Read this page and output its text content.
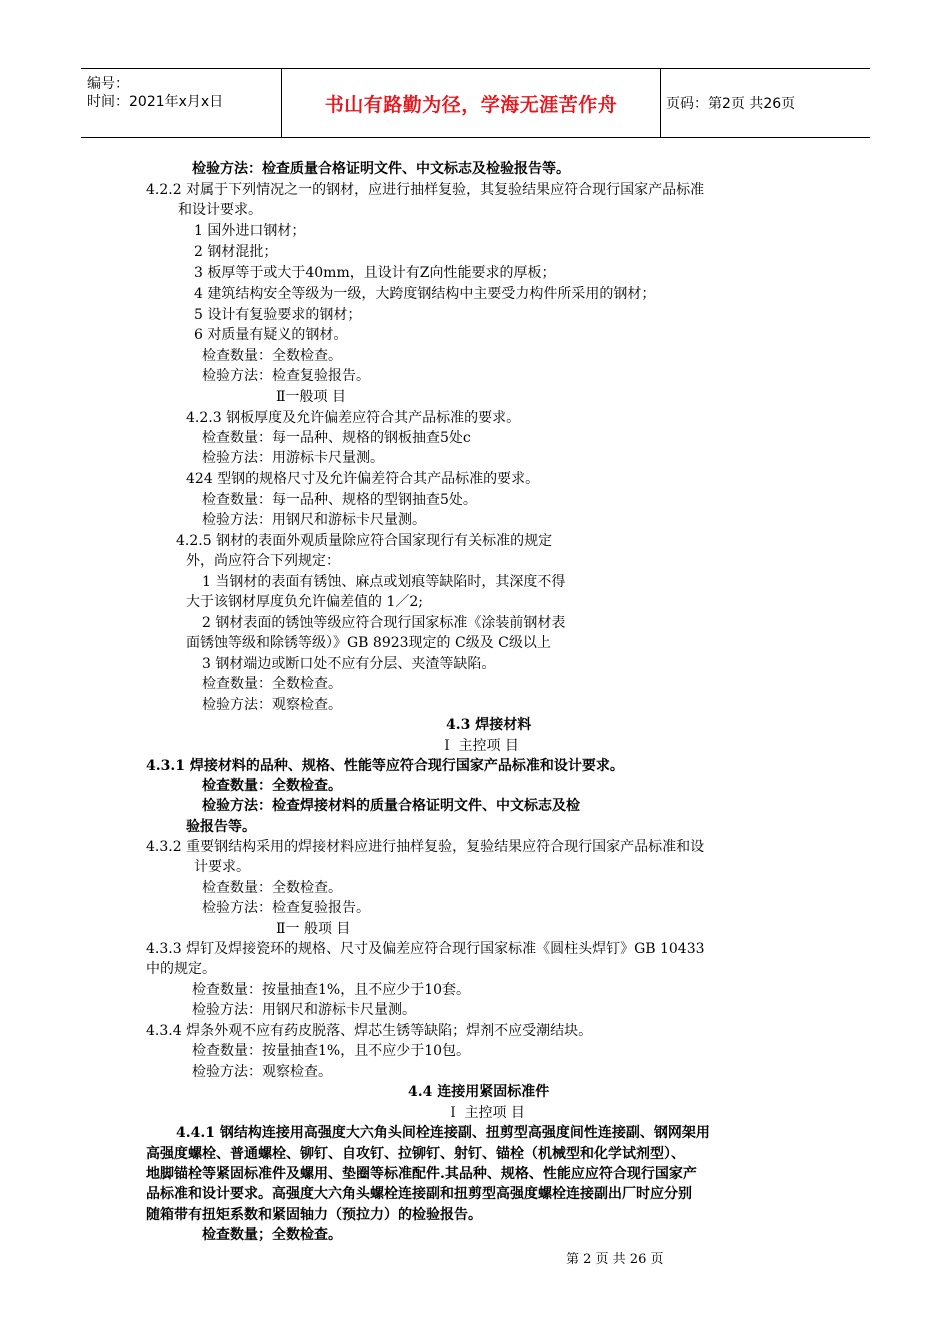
编号：
时间：2021年x月x日	书山有路勤为径，学海无涯苦作舟	页码：第2页 共26页
检验方法：检查质量合格证明文件、中文标志及检验报告等。
4.2.2 对属于下列情况之一的钢材，应进行抽样复验，其复验结果应符合现行国家产品标准
和设计要求。
1 国外进口钢材；
2 钢材混批；
3 板厚等于或大于40mm，且设计有Z向性能要求的厚板；
4 建筑结构安全等级为一级，大跨度钢结构中主要受力构件所采用的钢材；
5 设计有复验要求的钢材；
6 对质量有疑义的钢材。
检查数量：全数检查。
检验方法：检查复验报告。
Ⅱ一般项 目
4.2.3 钢板厚度及允许偏差应符合其产品标准的要求。
检查数量：每一品种、规格的钢板抽查5处c
检验方法：用游标卡尺量测。
424 型钢的规格尺寸及允许偏差符合其产品标准的要求。
检查数量：每一品种、规格的型钢抽查5处。
检验方法：用钢尺和游标卡尺量测。
4.2.5 钢材的表面外观质量除应符合国家现行有关标准的规定
外，尚应符合下列规定：
1 当钢材的表面有锈蚀、麻点或划痕等缺陷时，其深度不得
大于该钢材厚度负允许偏差值的 1／2;
2 钢材表面的锈蚀等级应符合现行国家标准《涂装前钢材表
面锈蚀等级和除锈等级）》GB 8923现定的 C级及 C级以上
3 钢材端边或断口处不应有分层、夹渣等缺陷。
检查数量：全数检查。
检验方法：观察检查。
4.3 焊接材料
Ｉ 主控项 目
4.3.1 焊接材料的品种、规格、性能等应符合现行国家产品标准和设计要求。
检查数量：全数检查。
检验方法：检查焊接材料的质量合格证明文件、中文标志及检
验报告等。
4.3.2 重要钢结构采用的焊接材料应进行抽样复验，复验结果应符合现行国家产品标准和设
计要求。
检查数量：全数检查。
检验方法：检查复验报告。
Ⅱ一 般项 目
4.3.3 焊钉及焊接瓷环的规格、尺寸及偏差应符合现行国家标准《圆柱头焊钉》GB 10433
中的规定。
检查数量：按量抽查1%，且不应少于10套。
检验方法：用钢尺和游标卡尺量测。
4.3.4 焊条外观不应有药皮脱落、焊芯生锈等缺陷；焊剂不应受潮结块。
检查数量：按量抽查1%，且不应少于10包。
检验方法：观察检查。
4.4 连接用紧固标准件
Ｉ 主控项 目
4.4.1 钢结构连接用高强度大六角头间栓连接副、扭剪型高强度间性连接副、钢网架用
高强度螺栓、普通螺栓、铆钉、自攻钉、拉铆钉、射钉、锚栓（机械型和化学试剂型）、
地脚锚栓等紧固标准件及螺用、垫圈等标准配件.其品种、规格、性能应应符合现行国家产
品标准和设计要求。高强度大六角头螺栓连接副和扭剪型高强度螺栓连接副出厂时应分别
随箱带有扭矩系数和紧固轴力（预拉力）的检验报告。
检查数量；全数检查。
第 2 页 共 26 页
